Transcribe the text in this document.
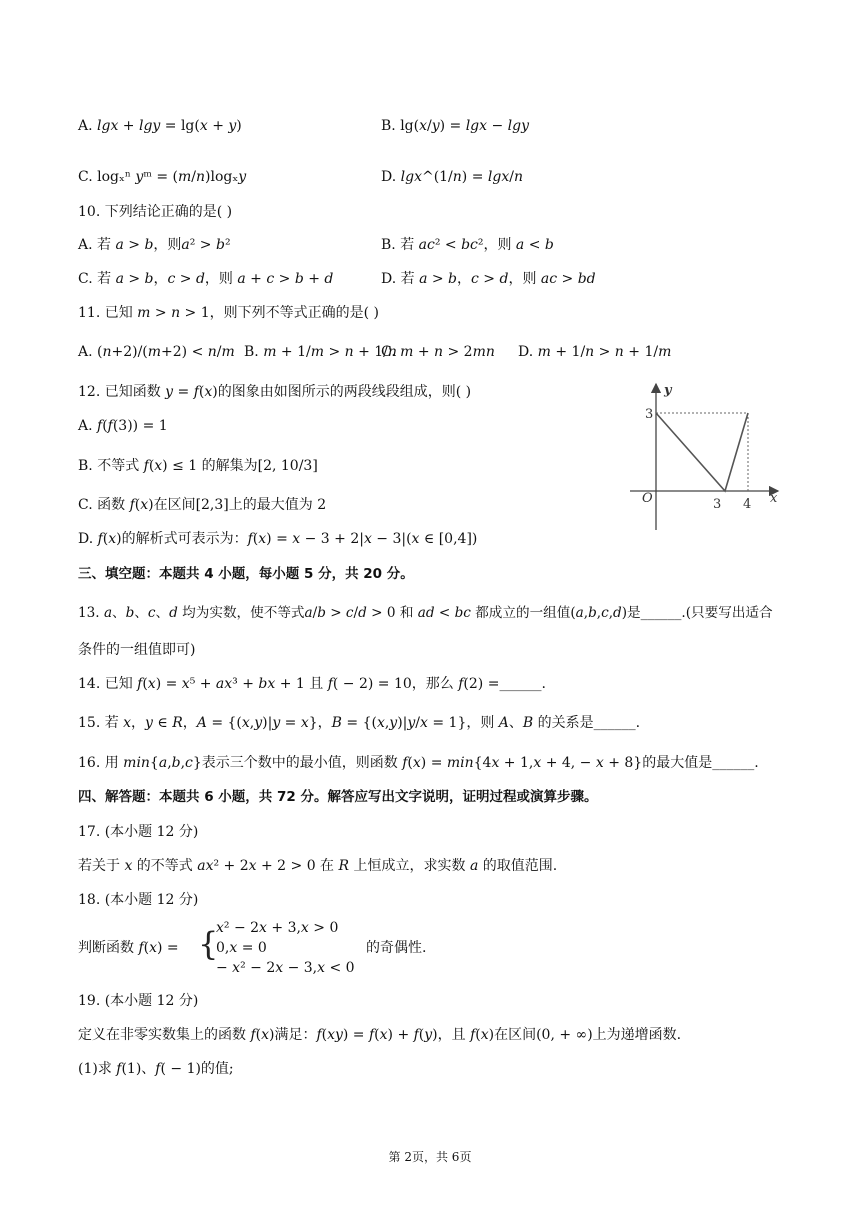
A. 𝑙𝑔𝑥 + 𝑙𝑔𝑦 = lg(𝑥 + 𝑦)	B. lg(𝑥/𝑦) = 𝑙𝑔𝑥 − 𝑙𝑔𝑦
C. logₓⁿ 𝑦ᵐ = (𝑚/𝑛)logₓ𝑦	D. 𝑙𝑔𝑥^(1/𝑛) = 𝑙𝑔𝑥/𝑛
10. 下列结论正确的是( )
A. 若 𝑎 > 𝑏，则𝑎² > 𝑏²	B. 若 𝑎𝑐² < 𝑏𝑐²，则 𝑎 < 𝑏
C. 若 𝑎 > 𝑏，𝑐 > 𝑑，则 𝑎 + 𝑐 > 𝑏 + 𝑑	D. 若 𝑎 > 𝑏，𝑐 > 𝑑，则 𝑎𝑐 > 𝑏𝑑
11. 已知 𝑚 > 𝑛 > 1，则下列不等式正确的是( )
A. (𝑛+2)/(𝑚+2) < 𝑛/𝑚 B. 𝑚 + 1/𝑚 > 𝑛 + 1/𝑛
C. 𝑚 + 𝑛 > 2𝑚𝑛 D. 𝑚 + 1/𝑛 > 𝑛 + 1/𝑚
12. 已知函数 𝑦 = 𝑓(𝑥)的图象由如图所示的两段线段组成，则( )
A. 𝑓(𝑓(3)) = 1
B. 不等式 𝑓(𝑥) ≤ 1 的解集为[2, 10/3]
C. 函数 𝑓(𝑥)在区间[2,3]上的最大值为 2
D. 𝑓(𝑥)的解析式可表示为：𝑓(𝑥) = 𝑥 − 3 + 2|𝑥 − 3|(𝑥 ∈ [0,4])
y
x
O
3
3 4
三、填空题：本题共 4 小题，每小题 5 分，共 20 分。
13. 𝑎、𝑏、𝑐、𝑑 均为实数，使不等式𝑎/𝑏 > 𝑐/𝑑 > 0 和 𝑎𝑑 < 𝑏𝑐 都成立的一组值(𝑎,𝑏,𝑐,𝑑)是______.(只要写出适合
条件的一组值即可)
14. 已知 𝑓(𝑥) = 𝑥⁵ + 𝑎𝑥³ + 𝑏𝑥 + 1 且 𝑓( − 2) = 10，那么 𝑓(2) =______.
15. 若 𝑥，𝑦 ∈ 𝑅，𝐴 = {(𝑥,𝑦)|𝑦 = 𝑥}，𝐵 = {(𝑥,𝑦)|𝑦/𝑥 = 1}，则 𝐴、𝐵 的关系是______.
16. 用 𝑚𝑖𝑛{𝑎,𝑏,𝑐}表示三个数中的最小值，则函数 𝑓(𝑥) = 𝑚𝑖𝑛{4𝑥 + 1,𝑥 + 4, − 𝑥 + 8}的最大值是______.
四、解答题：本题共 6 小题，共 72 分。解答应写出文字说明，证明过程或演算步骤。
17. (本小题 12 分)
若关于 𝑥 的不等式 𝑎𝑥² + 2𝑥 + 2 > 0 在 𝑅 上恒成立，求实数 𝑎 的取值范围.
18. (本小题 12 分)
判断函数 𝑓(𝑥) = {
𝑥² − 2𝑥 + 3,𝑥 > 0
0,𝑥 = 0
− 𝑥² − 2𝑥 − 3,𝑥 < 0
的奇偶性.
19. (本小题 12 分)
定义在非零实数集上的函数 𝑓(𝑥)满足：𝑓(𝑥𝑦) = 𝑓(𝑥) + 𝑓(𝑦)，且 𝑓(𝑥)在区间(0, + ∞)上为递增函数.
(1)求 𝑓(1)、𝑓( − 1)的值;
第 2页，共 6页
